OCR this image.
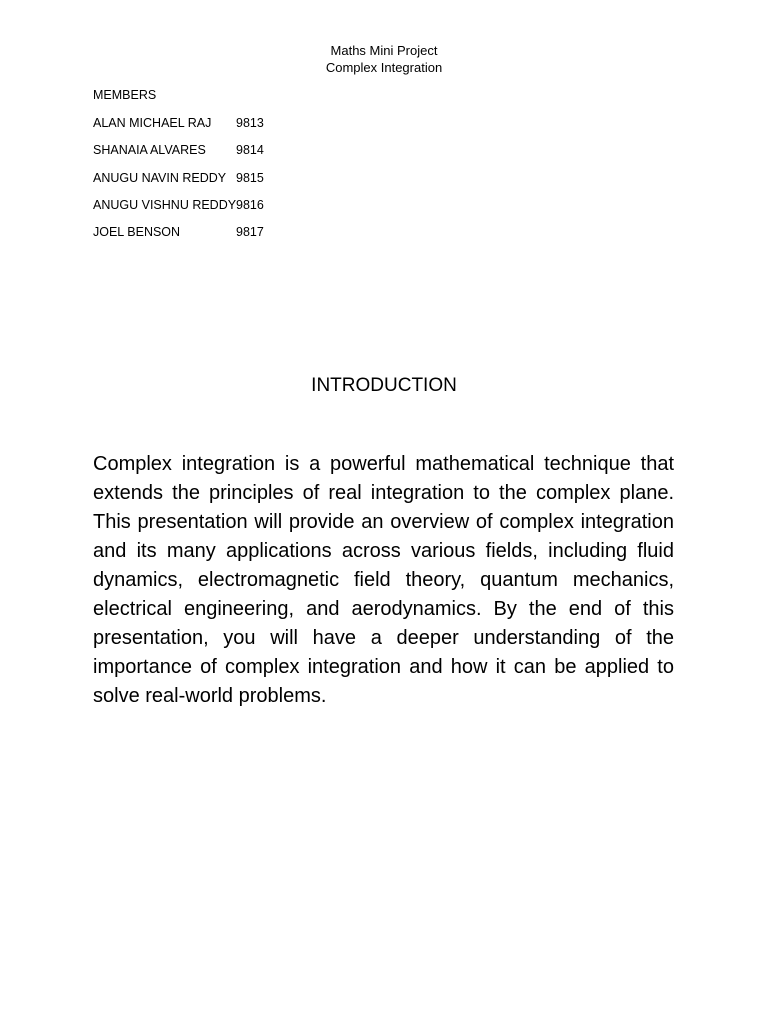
Maths Mini Project
Complex Integration
MEMBERS
ALAN MICHAEL RAJ 9813
SHANAIA ALVARES 9814
ANUGU NAVIN REDDY 9815
ANUGU VISHNU REDDY 9816
JOEL BENSON	9817
INTRODUCTION

Complex integration is a powerful mathematical technique that extends the principles of real integration to the complex plane. This presentation will provide an overview of complex integration and its many applications across various fields, including fluid dynamics, electromagnetic field theory, quantum mechanics, electrical engineering, and aerodynamics. By the end of this presentation, you will have a deeper understanding of the importance of complex integration and how it can be applied to solve real-world problems.
